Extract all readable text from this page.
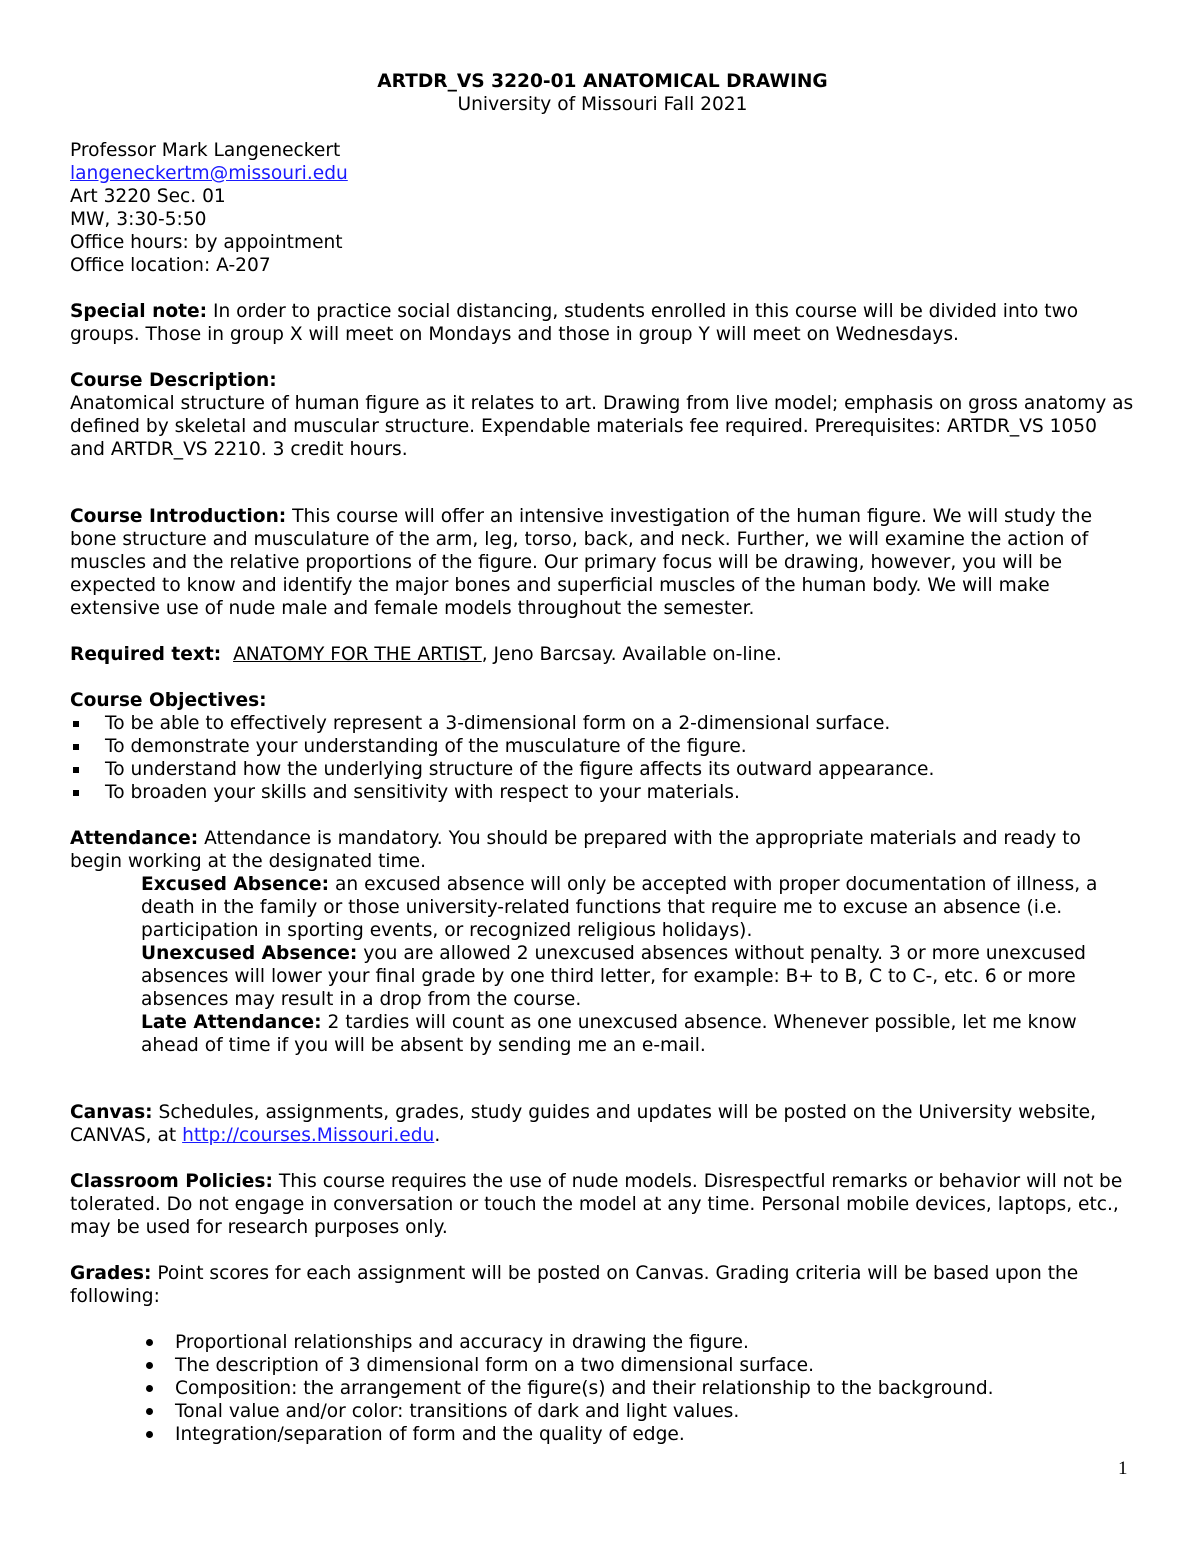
ARTDR_VS 3220-01 ANATOMICAL DRAWING

University of Missouri Fall 2021

Professor Mark Langeneckert

langeneckertm@missouri.edu

Art 3220 Sec. 01

MW, 3:30-5:50

Office hours: by appointment

Office location: A-207

Special note: In order to practice social distancing, students enrolled in this course will be divided into two groups. Those in group X will meet on Mondays and those in group Y will meet on Wednesdays.

Course Description:

Anatomical structure of human figure as it relates to art. Drawing from live model; emphasis on gross anatomy as defined by skeletal and muscular structure. Expendable materials fee required. Prerequisites: ARTDR_VS 1050 and ARTDR_VS 2210. 3 credit hours.

Course Introduction: This course will offer an intensive investigation of the human figure. We will study the bone structure and musculature of the arm, leg, torso, back, and neck. Further, we will examine the action of muscles and the relative proportions of the figure. Our primary focus will be drawing, however, you will be expected to know and identify the major bones and superficial muscles of the human body. We will make extensive use of nude male and female models throughout the semester.

Required text: ANATOMY FOR THE ARTIST, Jeno Barcsay. Available on-line.

Course Objectives:

To be able to effectively represent a 3-dimensional form on a 2-dimensional surface.
To demonstrate your understanding of the musculature of the figure.
To understand how the underlying structure of the figure affects its outward appearance.
To broaden your skills and sensitivity with respect to your materials.

Attendance: Attendance is mandatory. You should be prepared with the appropriate materials and ready to begin working at the designated time.

Excused Absence: an excused absence will only be accepted with proper documentation of illness, a death in the family or those university-related functions that require me to excuse an absence (i.e. participation in sporting events, or recognized religious holidays).

Unexcused Absence: you are allowed 2 unexcused absences without penalty. 3 or more unexcused absences will lower your final grade by one third letter, for example: B+ to B, C to C-, etc. 6 or more absences may result in a drop from the course.

Late Attendance: 2 tardies will count as one unexcused absence. Whenever possible, let me know ahead of time if you will be absent by sending me an e-mail.

Canvas: Schedules, assignments, grades, study guides and updates will be posted on the University website, CANVAS, at http://courses.Missouri.edu.

Classroom Policies: This course requires the use of nude models. Disrespectful remarks or behavior will not be tolerated. Do not engage in conversation or touch the model at any time. Personal mobile devices, laptops, etc., may be used for research purposes only.

Grades: Point scores for each assignment will be posted on Canvas. Grading criteria will be based upon the following:

Proportional relationships and accuracy in drawing the figure.
The description of 3 dimensional form on a two dimensional surface.
Composition: the arrangement of the figure(s) and their relationship to the background.
Tonal value and/or color: transitions of dark and light values.
Integration/separation of form and the quality of edge.
1
